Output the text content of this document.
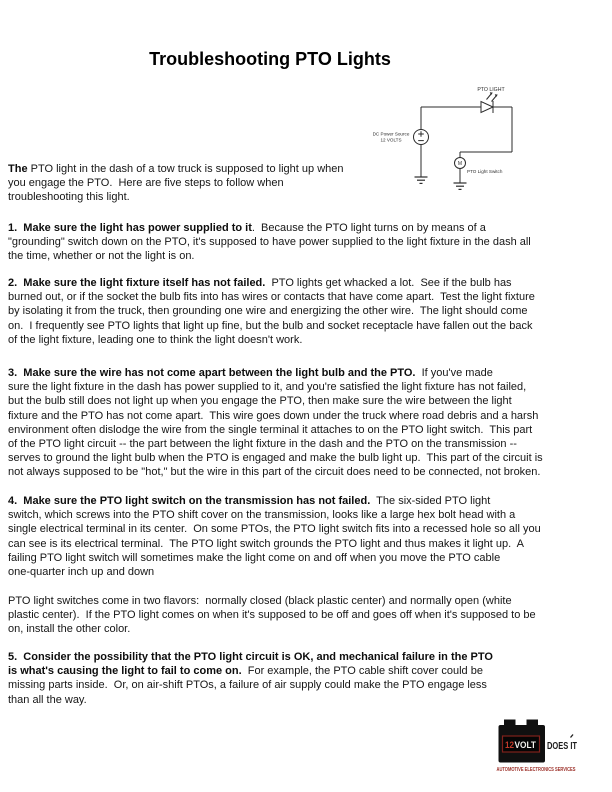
Troubleshooting PTO Lights
PTO LIGHT
DC Power Source
12 VOLTS
M
PTO Light Switch

The PTO light in the dash of a tow truck is supposed to light up when
you engage the PTO.  Here are five steps to follow when
troubleshooting this light.

1.  Make sure the light has power supplied to it.  Because the PTO light turns on by means of a
"grounding" switch down on the PTO, it's supposed to have power supplied to the light fixture in the dash all
the time, whether or not the light is on.

2.  Make sure the light fixture itself has not failed.  PTO lights get whacked a lot.  See if the bulb has
burned out, or if the socket the bulb fits into has wires or contacts that have come apart.  Test the light fixture
by isolating it from the truck, then grounding one wire and energizing the other wire.  The light should come
on.  I frequently see PTO lights that light up fine, but the bulb and socket receptacle have fallen out the back
of the light fixture, leading one to think the light doesn't work.

3.  Make sure the wire has not come apart between the light bulb and the PTO.  If you've made
sure the light fixture in the dash has power supplied to it, and you're satisfied the light fixture has not failed,
but the bulb still does not light up when you engage the PTO, then make sure the wire between the light
fixture and the PTO has not come apart.  This wire goes down under the truck where road debris and a harsh
environment often dislodge the wire from the single terminal it attaches to on the PTO light switch.  This part
of the PTO light circuit -- the part between the light fixture in the dash and the PTO on the transmission --
serves to ground the light bulb when the PTO is engaged and make the bulb light up.  This part of the circuit is
not always supposed to be "hot," but the wire in this part of the circuit does need to be connected, not broken.

4.  Make sure the PTO light switch on the transmission has not failed.  The six-sided PTO light
switch, which screws into the PTO shift cover on the transmission, looks like a large hex bolt head with a
single electrical terminal in its center.  On some PTOs, the PTO light switch fits into a recessed hole so all you
can see is its electrical terminal.  The PTO light switch grounds the PTO light and thus makes it light up.  A
failing PTO light switch will sometimes make the light come on and off when you move the PTO cable
one-quarter inch up and down

PTO light switches come in two flavors:  normally closed (black plastic center) and normally open (white
plastic center).  If the PTO light comes on when it's supposed to be off and goes off when it's supposed to be
on, install the other color.

5.  Consider the possibility that the PTO light circuit is OK, and mechanical failure in the PTO
is what's causing the light to fail to come on.  For example, the PTO cable shift cover could be
missing parts inside.  Or, on air-shift PTOs, a failure of air supply could make the PTO engage less
than all the way.

12 VOLT DOES IT
AUTOMOTIVE ELECTRONICS SERVICES
